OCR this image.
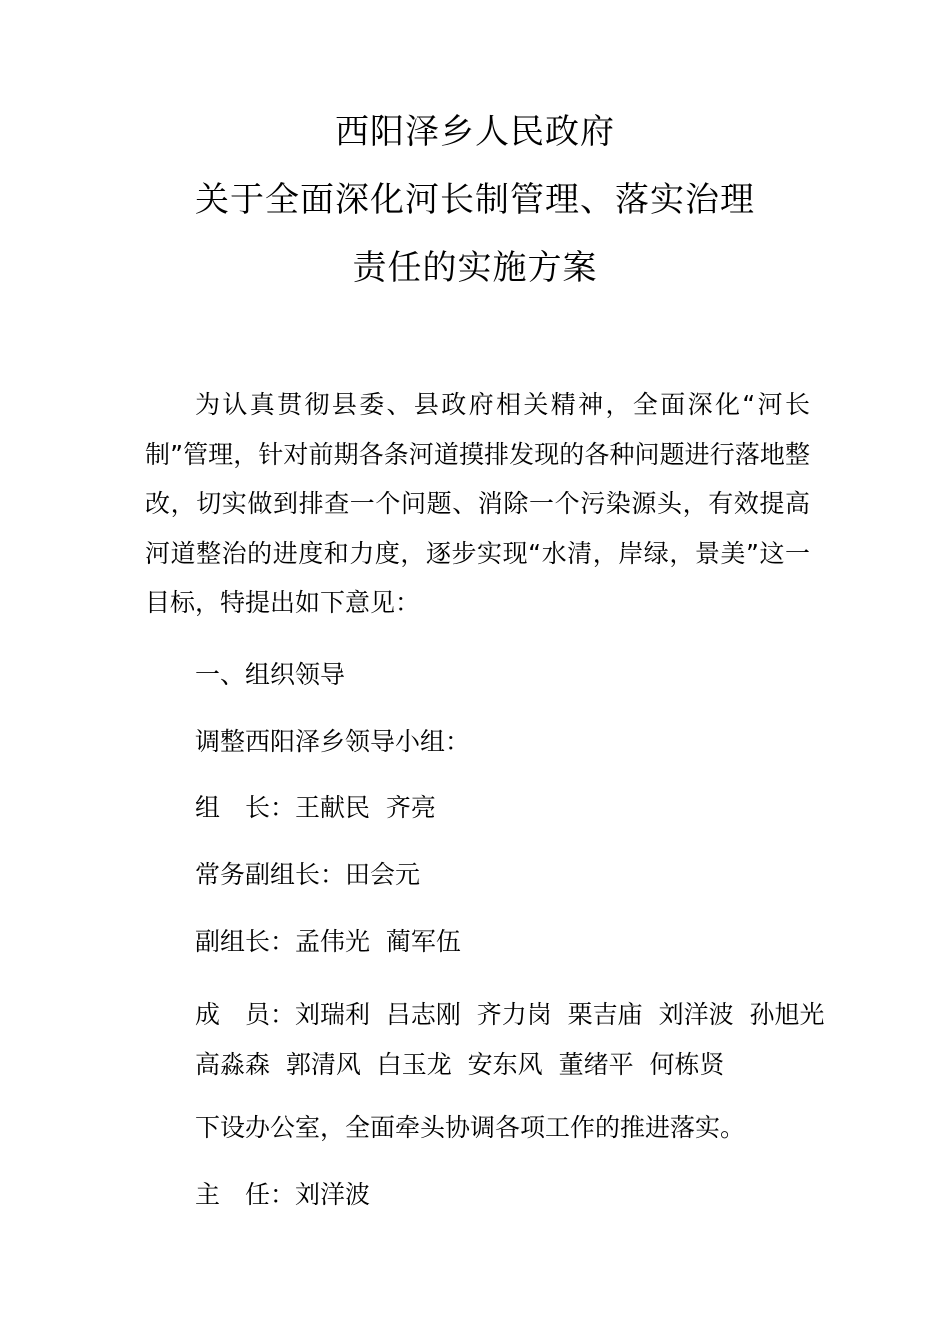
西阳泽乡人民政府
关于全面深化河长制管理、落实治理
责任的实施方案
为认真贯彻县委、县政府相关精神，全面深化“河长制”管理，针对前期各条河道摸排发现的各种问题进行落地整改，切实做到排查一个问题、消除一个污染源头，有效提高河道整治的进度和力度，逐步实现“水清，岸绿，景美”这一目标，特提出如下意见：
一、组织领导
调整西阳泽乡领导小组：
组　长：王献民  齐亮
常务副组长：田会元
副组长：孟伟光  蔺军伍
成　员：刘瑞利  吕志刚  齐力岗  栗吉庙  刘洋波  孙旭光
高淼森  郭清风  白玉龙  安东风  董绪平  何栋贤
下设办公室，全面牵头协调各项工作的推进落实。
主　任：刘洋波
